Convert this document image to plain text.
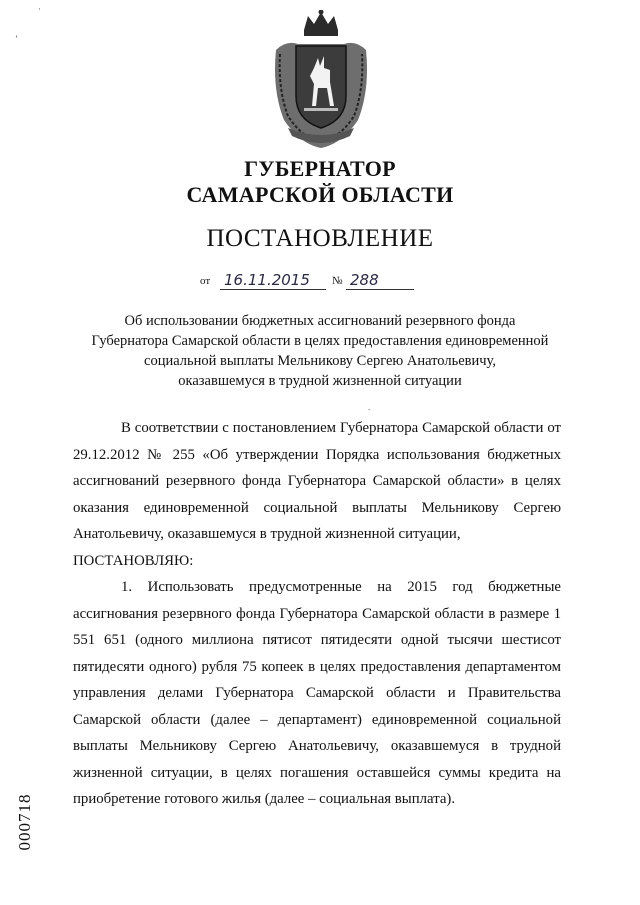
·
ʼ
.
ГУБЕРНАТОР
САМАРСКОЙ ОБЛАСТИ
ПОСТАНОВЛЕНИЕ
от 16.11.2015	№ 288
Об использовании бюджетных ассигнований резервного фонда
Губернатора Самарской области в целях предоставления единовременной
социальной выплаты Мельникову Сергею Анатольевичу,
оказавшемуся в трудной жизненной ситуации

В соответствии с постановлением Губернатора Самарской области от 29.12.2012 № 255 «Об утверждении Порядка использования бюджетных ассигнований резервного фонда Губернатора Самарской области» в целях оказания единовременной социальной выплаты Мельникову Сергею Анатольевичу, оказавшемуся в трудной жизненной ситуации,

ПОСТАНОВЛЯЮ:

1. Использовать предусмотренные на 2015 год бюджетные ассигнования резервного фонда Губернатора Самарской области в размере 1 551 651 (одного миллиона пятисот пятидесяти одной тысячи шестисот пятидесяти одного) рубля 75 копеек в целях предоставления департаментом управления делами Губернатора Самарской области и Правительства Самарской области (далее – департамент) единовременной социальной выплаты Мельникову Сергею Анатольевичу, оказавшемуся в трудной жизненной ситуации, в целях погашения оставшейся суммы кредита на приобретение готового жилья (далее – социальная выплата).

000718
